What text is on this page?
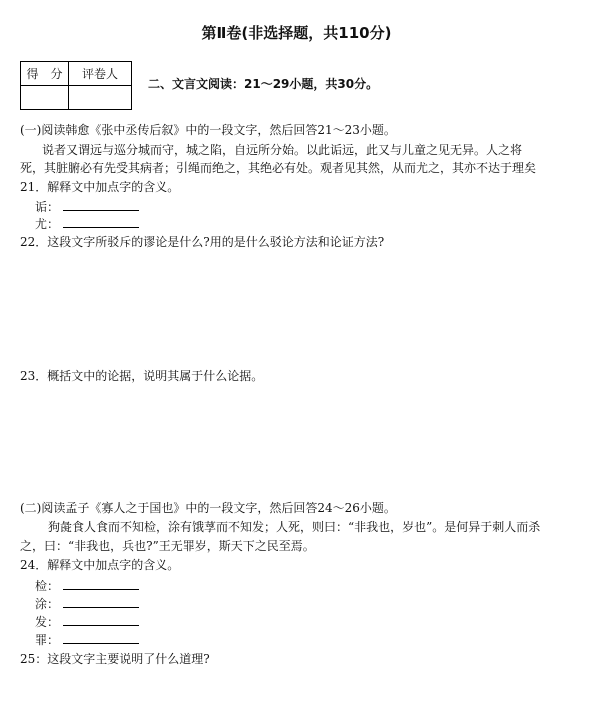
第Ⅱ卷(非选择题，共110分)
得　分	评卷人

二、文言文阅读：21～29小题，共30分。
(一)阅读韩愈《张中丞传后叙》中的一段文字，然后回答21～23小题。
说者又谓远与巡分城而守，城之陷，自远所分始。以此诟远，此又与儿童之见无异。人之将
死，其脏腑必有先受其病者；引绳而绝之，其绝必有处。观者见其然，从而尤之，其亦不达于理矣
21．解释文中加点字的含义。
诟：
尤：
22．这段文字所驳斥的谬论是什么?用的是什么驳论方法和论证方法?
23．概括文中的论据，说明其属于什么论据。
(二)阅读孟子《寡人之于国也》中的一段文字，然后回答24～26小题。
狗彘食人食而不知检，涂有饿莩而不知发；人死，则曰：“非我也，岁也”。是何异于刺人而杀
之，曰：“非我也，兵也?”王无罪岁，斯天下之民至焉。
24．解释文中加点字的含义。
检：
涂：
发：
罪：
25：这段文字主要说明了什么道理?
